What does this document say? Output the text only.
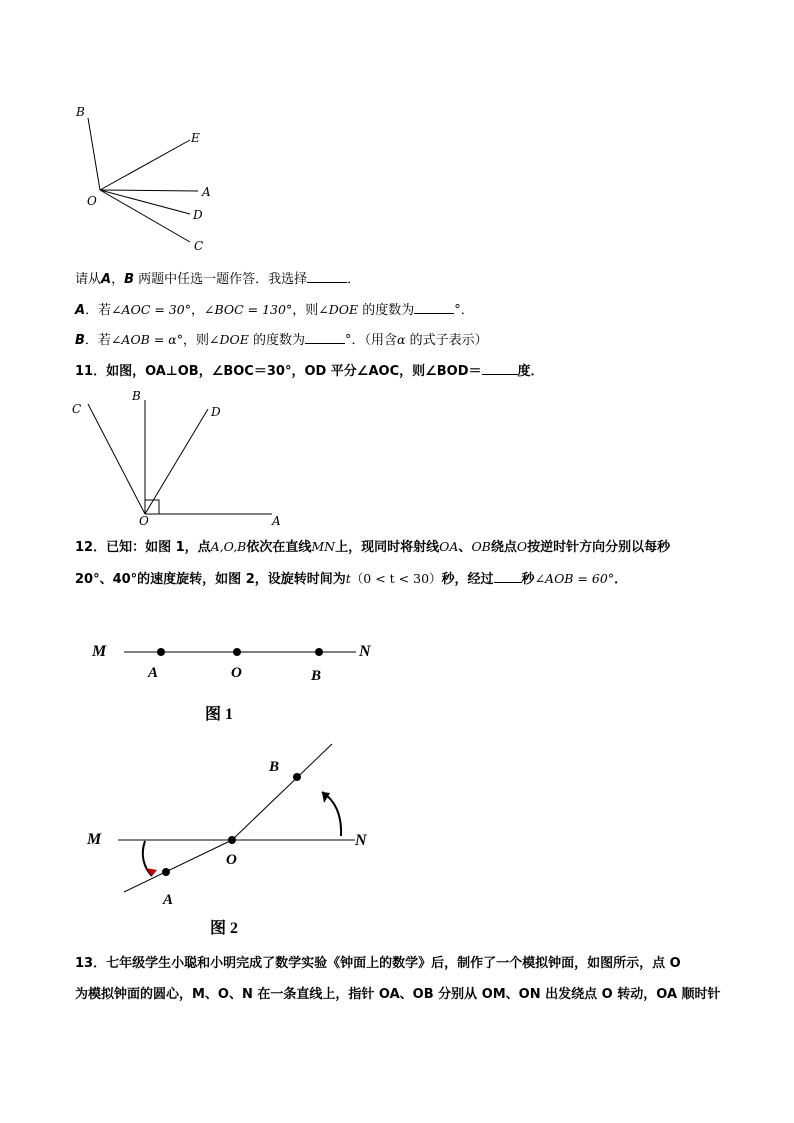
B
E
O
A
D
C
请从A，B 两题中任选一题作答．我选择	．
A．若∠AOC = 30°，∠BOC = 130°，则∠DOE 的度数为	°．
B．若∠AOB = α°，则∠DOE 的度数为	°．（用含α 的式子表示）
11．如图，OA⊥OB，∠BOC＝30°，OD 平分∠AOC，则∠BOD＝	度．
C
B
D
O	A
12．已知：如图 1，点A,O,B依次在直线MN上，现同时将射线OA、OB绕点O按逆时针方向分别以每秒
20°、40°的速度旋转，如图 2，设旋转时间为t（0 < t < 30）秒，经过 秒∠AOB = 60°．
M	N
A	O	B
图 1
M	N
O
B
A
图 2
13．七年级学生小聪和小明完成了数学实验《钟面上的数学》后，制作了一个模拟钟面，如图所示，点 O
为模拟钟面的圆心，M、O、N 在一条直线上，指针 OA、OB 分别从 OM、ON 出发绕点 O 转动，OA 顺时针
